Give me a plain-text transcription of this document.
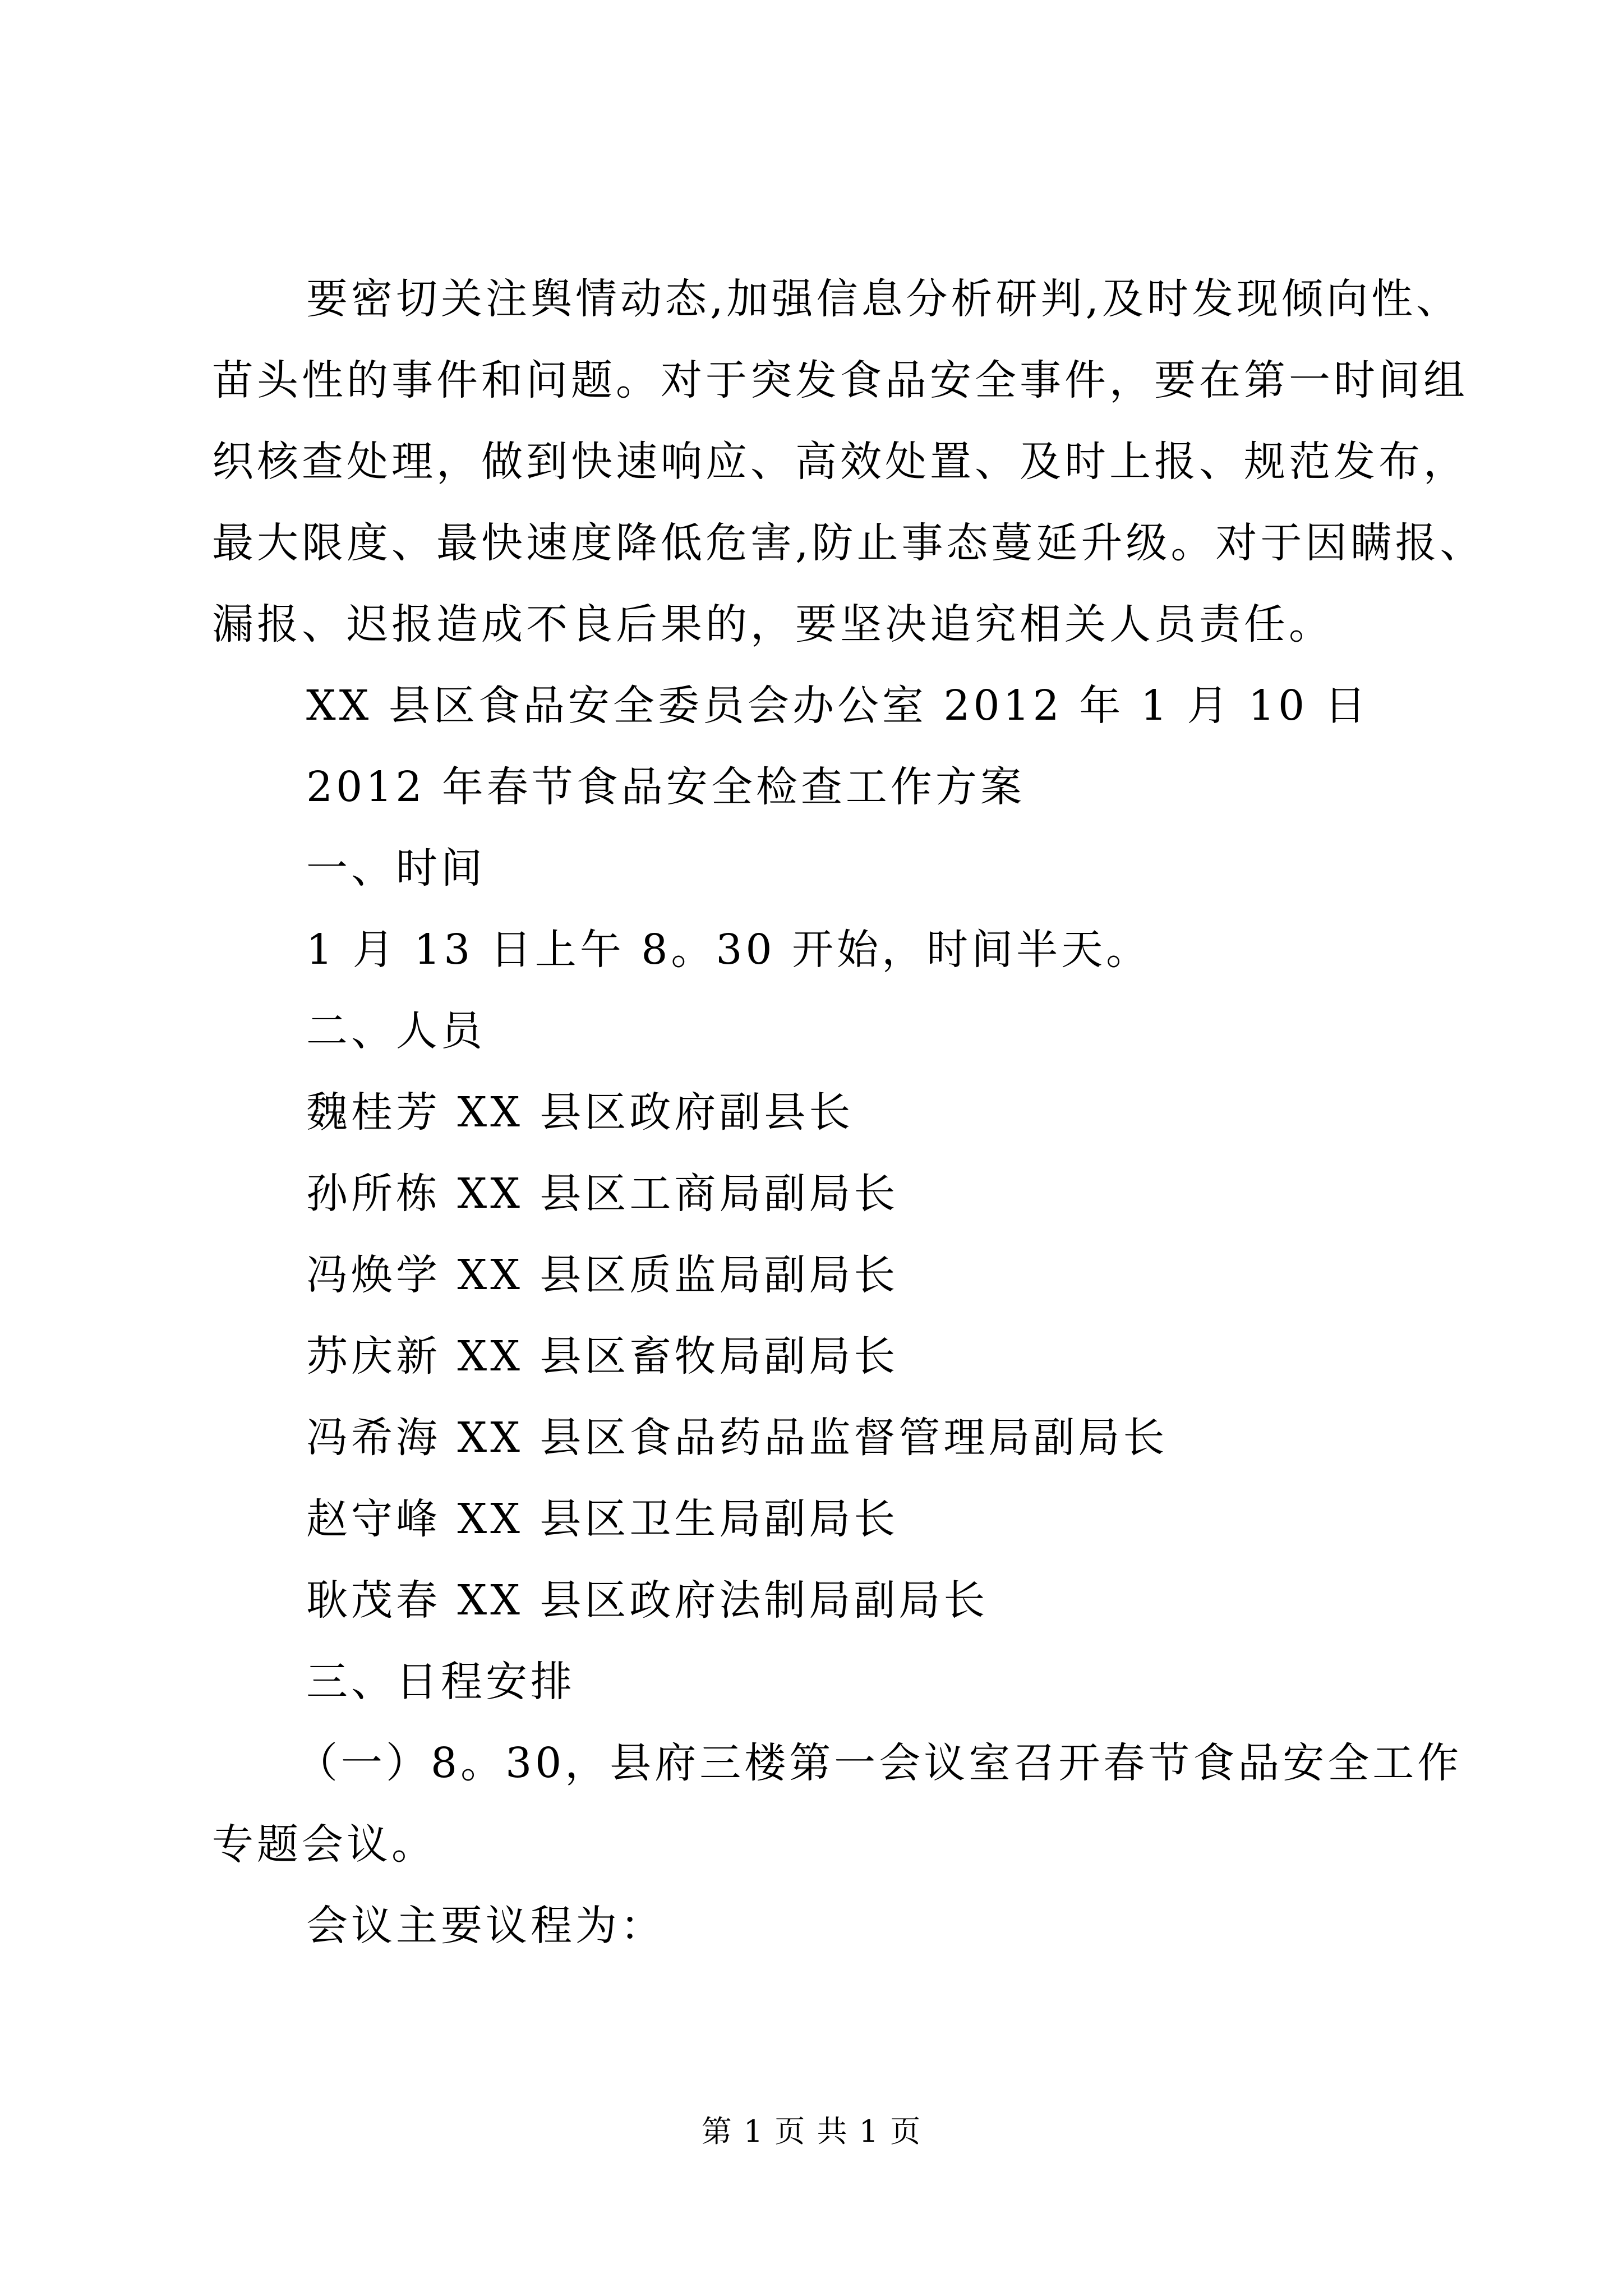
要密切关注舆情动态,加强信息分析研判,及时发现倾向性、
苗头性的事件和问题。对于突发食品安全事件，要在第一时间组
织核查处理，做到快速响应、高效处置、及时上报、规范发布，
最大限度、最快速度降低危害,防止事态蔓延升级。对于因瞒报、
漏报、迟报造成不良后果的，要坚决追究相关人员责任。
XX 县区食品安全委员会办公室 2012 年 1 月 10 日
2012 年春节食品安全检查工作方案
一、时间
1 月 13 日上午 8。30 开始，时间半天。
二、人员
魏桂芳 XX 县区政府副县长
孙所栋 XX 县区工商局副局长
冯焕学 XX 县区质监局副局长
苏庆新 XX 县区畜牧局副局长
冯希海 XX 县区食品药品监督管理局副局长
赵守峰 XX 县区卫生局副局长
耿茂春 XX 县区政府法制局副局长
三、日程安排
（一）8。30，县府三楼第一会议室召开春节食品安全工作
专题会议。
会议主要议程为：
第 1 页 共 1 页
